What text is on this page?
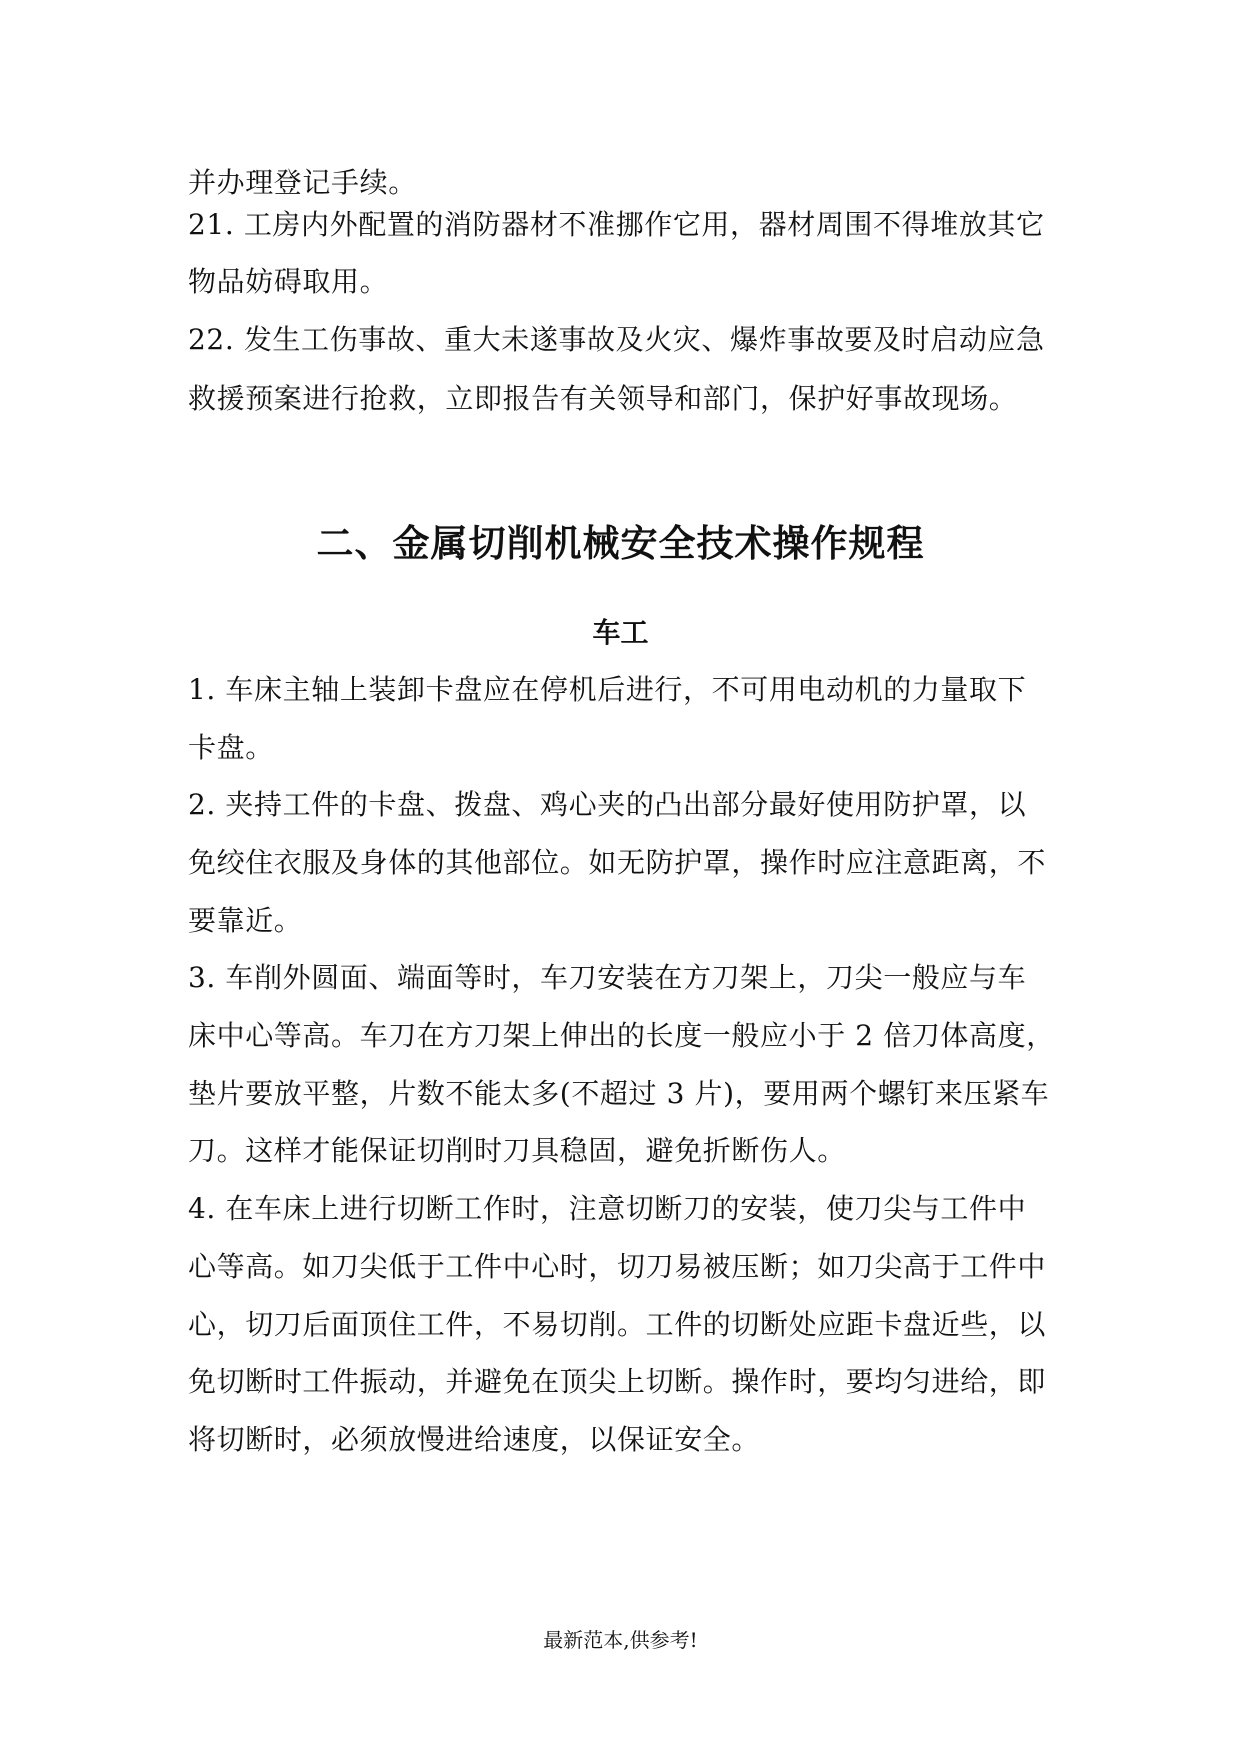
并办理登记手续。
21. 工房内外配置的消防器材不准挪作它用，器材周围不得堆放其它
物品妨碍取用。
22. 发生工伤事故、重大未遂事故及火灾、爆炸事故要及时启动应急
救援预案进行抢救，立即报告有关领导和部门，保护好事故现场。
二、金属切削机械安全技术操作规程
车工
1. 车床主轴上装卸卡盘应在停机后进行，不可用电动机的力量取下
卡盘。
2. 夹持工件的卡盘、拨盘、鸡心夹的凸出部分最好使用防护罩，以
免绞住衣服及身体的其他部位。如无防护罩，操作时应注意距离，不
要靠近。
3. 车削外圆面、端面等时，车刀安装在方刀架上，刀尖一般应与车
床中心等高。车刀在方刀架上伸出的长度一般应小于 2 倍刀体高度，
垫片要放平整，片数不能太多(不超过 3 片)，要用两个螺钉来压紧车
刀。这样才能保证切削时刀具稳固，避免折断伤人。
4. 在车床上进行切断工作时，注意切断刀的安装，使刀尖与工件中
心等高。如刀尖低于工件中心时，切刀易被压断；如刀尖高于工件中
心，切刀后面顶住工件，不易切削。工件的切断处应距卡盘近些，以
免切断时工件振动，并避免在顶尖上切断。操作时，要均匀进给，即
将切断时，必须放慢进给速度，以保证安全。
最新范本,供参考!
